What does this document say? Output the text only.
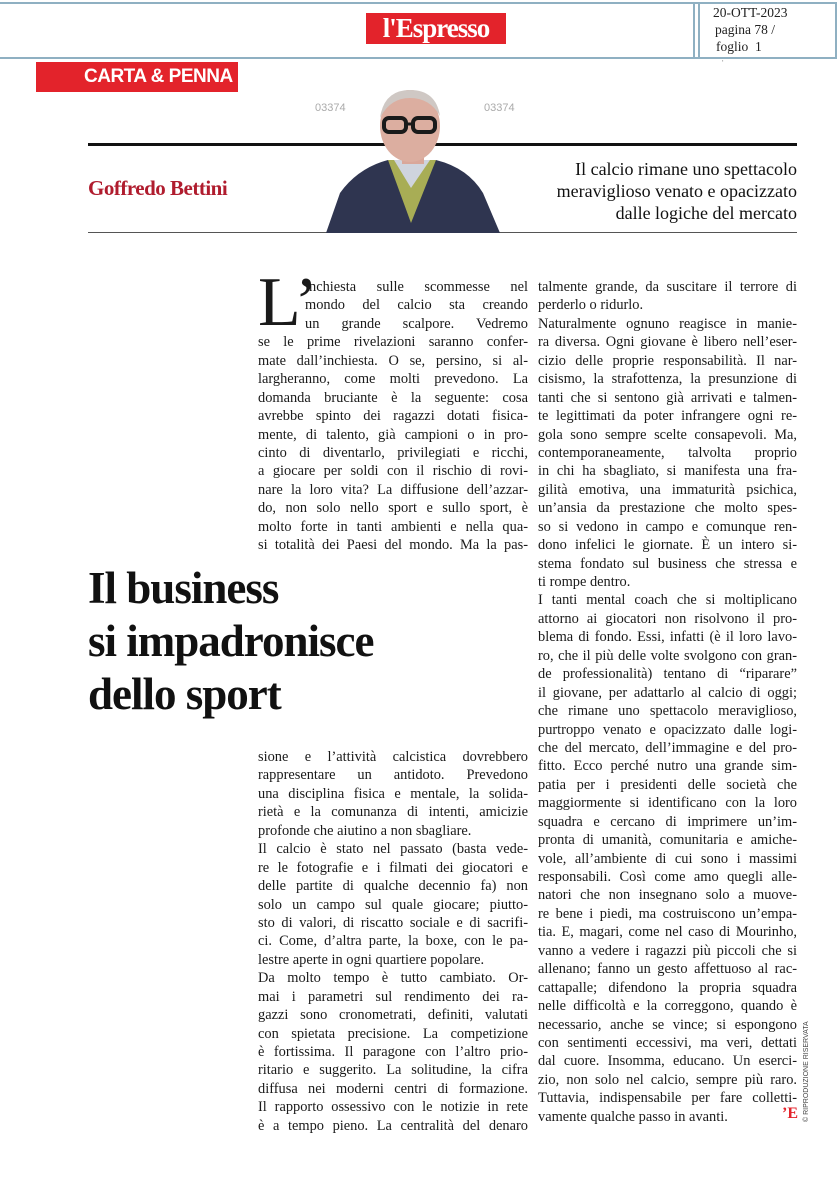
l'Espresso
20-OTT-2023
pagina 78 /
foglio  1
▪
CARTA & PENNA
Goffredo Bettini
03374	03374
Il calcio rimane uno spettacolo
meraviglioso venato e opacizzato
dalle logiche del mercato
Il business
si impadronisce
dello sport
L’
inchiesta sulle scommesse nel
mondo del calcio sta creando
un grande scalpore. Vedremo
se le prime rivelazioni saranno confer-
mate dall’inchiesta. O se, persino, si al-
largheranno, come molti prevedono. La
domanda bruciante è la seguente: cosa
avrebbe spinto dei ragazzi dotati fisica-
mente, di talento, già campioni o in pro-
cinto di diventarlo, privilegiati e ricchi,
a giocare per soldi con il rischio di rovi-
nare la loro vita? La diffusione dell’azzar-
do, non solo nello sport e sullo sport, è
molto forte in tanti ambienti e nella qua-
si totalità dei Paesi del mondo. Ma la pas-
sione e l’attività calcistica dovrebbero
rappresentare un antidoto. Prevedono
una disciplina fisica e mentale, la solida-
rietà e la comunanza di intenti, amicizie
profonde che aiutino a non sbagliare.
Il calcio è stato nel passato (basta vede-
re le fotografie e i filmati dei giocatori e
delle partite di qualche decennio fa) non
solo un campo sul quale giocare; piutto-
sto di valori, di riscatto sociale e di sacrifi-
ci. Come, d’altra parte, la boxe, con le pa-
lestre aperte in ogni quartiere popolare.
Da molto tempo è tutto cambiato. Or-
mai i parametri sul rendimento dei ra-
gazzi sono cronometrati, definiti, valutati
con spietata precisione. La competizione
è fortissima. Il paragone con l’altro prio-
ritario e suggerito. La solitudine, la cifra
diffusa nei moderni centri di formazione.
Il rapporto ossessivo con le notizie in rete
è a tempo pieno. La centralità del denaro
talmente grande, da suscitare il terrore di
perderlo o ridurlo.
Naturalmente ognuno reagisce in manie-
ra diversa. Ogni giovane è libero nell’eser-
cizio delle proprie responsabilità. Il nar-
cisismo, la strafottenza, la presunzione di
tanti che si sentono già arrivati e talmen-
te legittimati da poter infrangere ogni re-
gola sono sempre scelte consapevoli. Ma,
contemporaneamente, talvolta proprio
in chi ha sbagliato, si manifesta una fra-
gilità emotiva, una immaturità psichica,
un’ansia da prestazione che molto spes-
so si vedono in campo e comunque ren-
dono infelici le giornate. È un intero si-
stema fondato sul business che stressa e
ti rompe dentro.
I tanti mental coach che si moltiplicano
attorno ai giocatori non risolvono il pro-
blema di fondo. Essi, infatti (è il loro lavo-
ro, che il più delle volte svolgono con gran-
de professionalità) tentano di “riparare”
il giovane, per adattarlo al calcio di oggi;
che rimane uno spettacolo meraviglioso,
purtroppo venato e opacizzato dalle logi-
che del mercato, dell’immagine e del pro-
fitto. Ecco perché nutro una grande sim-
patia per i presidenti delle società che
maggiormente si identificano con la loro
squadra e cercano di imprimere un’im-
pronta di umanità, comunitaria e amiche-
vole, all’ambiente di cui sono i massimi
responsabili. Così come amo quegli alle-
natori che non insegnano solo a muove-
re bene i piedi, ma costruiscono un’empa-
tia. E, magari, come nel caso di Mourinho,
vanno a vedere i ragazzi più piccoli che si
allenano; fanno un gesto affettuoso al rac-
cattapalle; difendono la propria squadra
nelle difficoltà e la correggono, quando è
necessario, anche se vince; si espongono
con sentimenti eccessivi, ma veri, dettati
dal cuore. Insomma, educano. Un eserci-
zio, non solo nel calcio, sempre più raro.
Tuttavia, indispensabile per fare colletti-
vamente qualche passo in avanti.	’E © RIPRODUZIONE RISERVATA
